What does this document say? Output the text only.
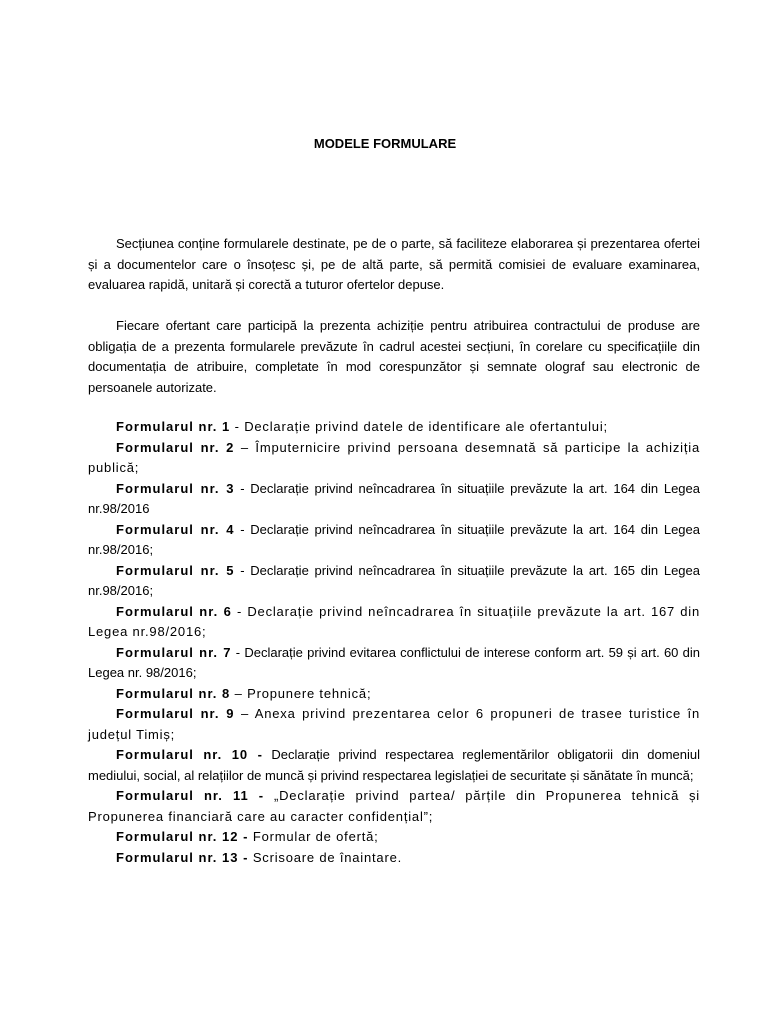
MODELE FORMULARE

Secțiunea conține formularele destinate, pe de o parte, să faciliteze elaborarea și prezentarea ofertei și a documentelor care o însoțesc și, pe de altă parte, să permită comisiei de evaluare examinarea, evaluarea rapidă, unitară și corectă a tuturor ofertelor depuse.

Fiecare ofertant care participă la prezenta achiziție pentru atribuirea contractului de produse are obligația de a prezenta formularele prevăzute în cadrul acestei secțiuni, în corelare cu specificațiile din documentația de atribuire, completate în mod corespunzător și semnate olograf sau electronic de persoanele autorizate.

Formularul nr. 1 - Declarație privind datele de identificare ale ofertantului;

Formularul nr. 2 – Împuternicire privind persoana desemnată să participe la achiziția publică;

Formularul nr. 3 - Declarație privind neîncadrarea în situațiile prevăzute la art. 164 din Legea nr.98/2016

Formularul nr. 4 - Declarație privind neîncadrarea în situațiile prevăzute la art. 164 din Legea nr.98/2016;

Formularul nr. 5 - Declarație privind neîncadrarea în situațiile prevăzute la art. 165 din Legea nr.98/2016;

Formularul nr. 6 - Declarație privind neîncadrarea în situațiile prevăzute la art. 167 din Legea nr.98/2016;

Formularul nr. 7 - Declarație privind evitarea conflictului de interese conform art. 59 și art. 60 din Legea nr. 98/2016;

Formularul nr. 8 – Propunere tehnică;

Formularul nr. 9 – Anexa privind prezentarea celor 6 propuneri de trasee turistice în județul Timiș;

Formularul nr. 10 - Declarație privind respectarea reglementărilor obligatorii din domeniul mediului, social, al relațiilor de muncă și privind respectarea legislației de securitate și sănătate în muncă;

Formularul nr. 11 - „Declarație privind partea/ părțile din Propunerea tehnică și Propunerea financiară care au caracter confidențial”;

Formularul nr. 12 - Formular de ofertă;

Formularul nr. 13 - Scrisoare de înaintare.
